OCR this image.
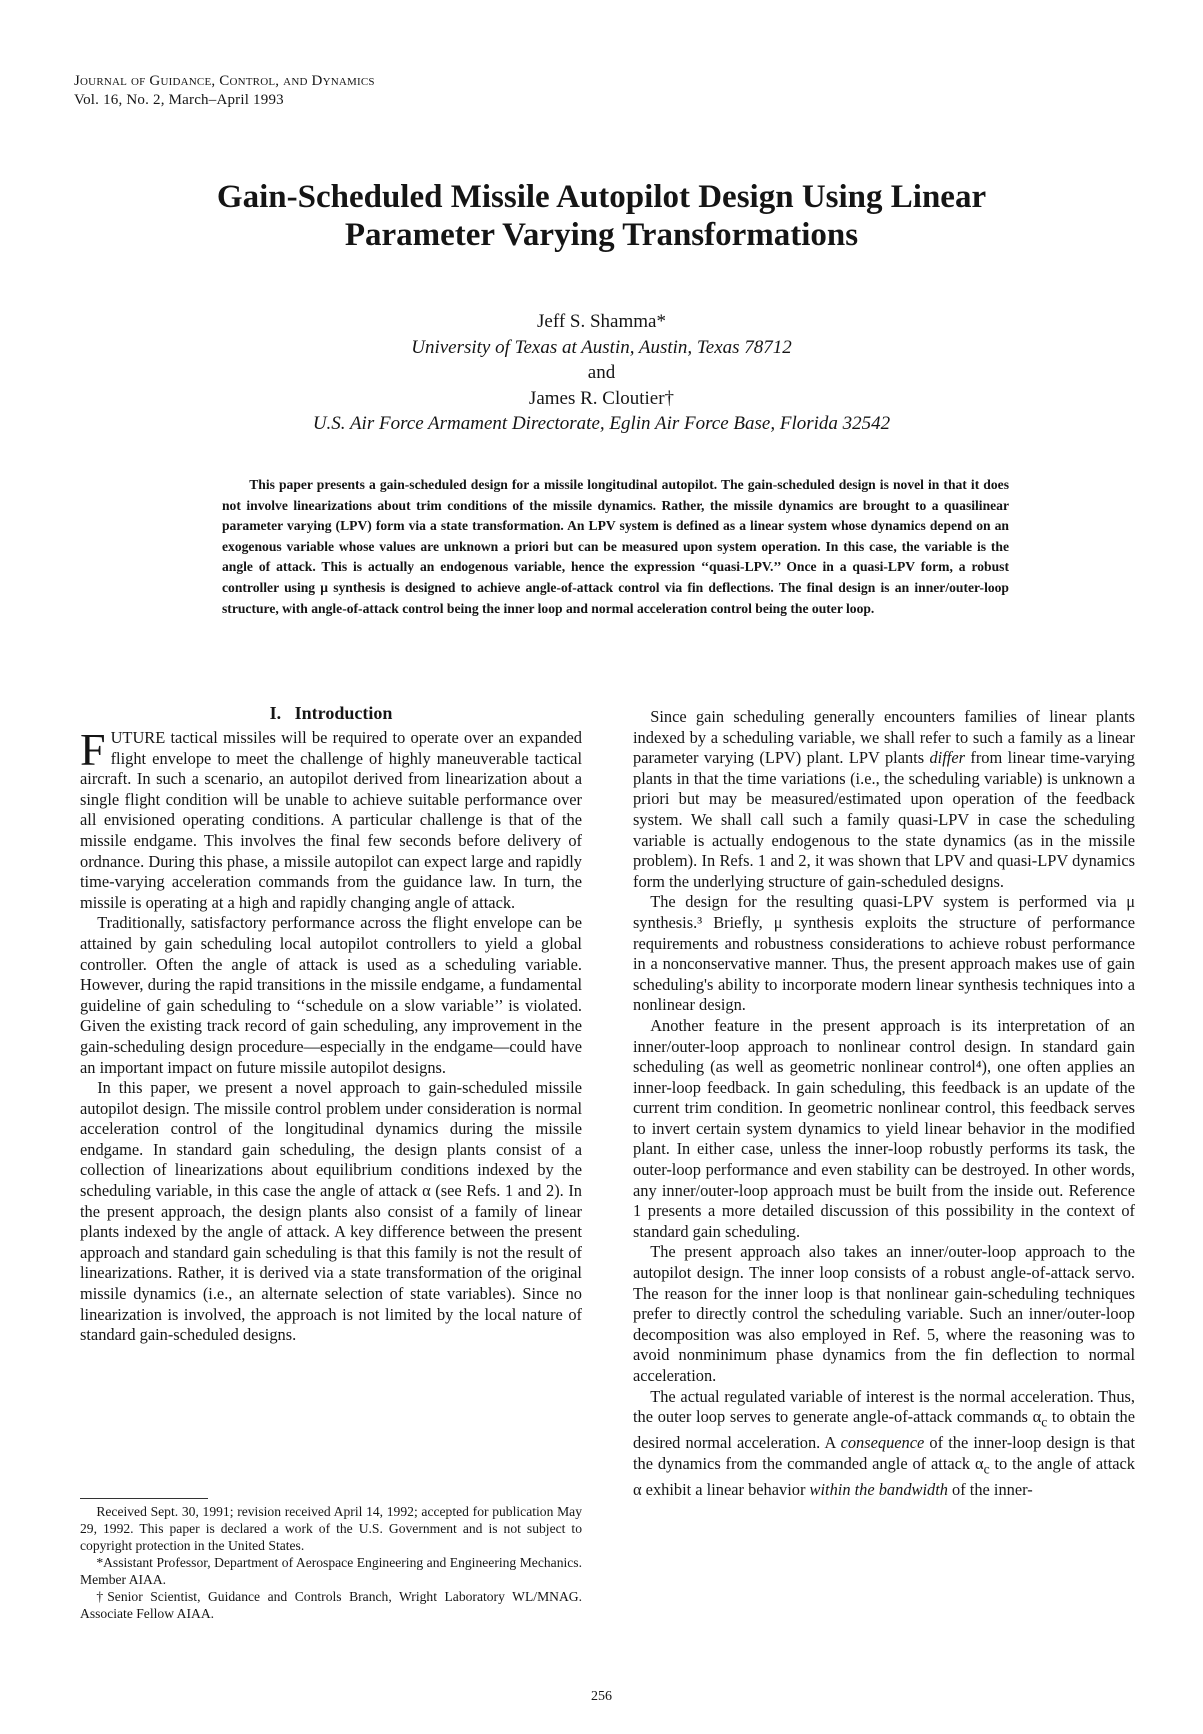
Journal of Guidance, Control, and Dynamics
Vol. 16, No. 2, March–April 1993
Gain-Scheduled Missile Autopilot Design Using Linear
Parameter Varying Transformations
Jeff S. Shamma*
University of Texas at Austin, Austin, Texas 78712
and
James R. Cloutier†
U.S. Air Force Armament Directorate, Eglin Air Force Base, Florida 32542
This paper presents a gain-scheduled design for a missile longitudinal autopilot. The gain-scheduled design is novel in that it does not involve linearizations about trim conditions of the missile dynamics. Rather, the missile dynamics are brought to a quasilinear parameter varying (LPV) form via a state transformation. An LPV system is defined as a linear system whose dynamics depend on an exogenous variable whose values are unknown a priori but can be measured upon system operation. In this case, the variable is the angle of attack. This is actually an endogenous variable, hence the expression ‘‘quasi-LPV.’’ Once in a quasi-LPV form, a robust controller using μ synthesis is designed to achieve angle-of-attack control via fin deflections. The final design is an inner/outer-loop structure, with angle-of-attack control being the inner loop and normal acceleration control being the outer loop.
I.   Introduction

FUTURE tactical missiles will be required to operate over an expanded flight envelope to meet the challenge of highly maneuverable tactical aircraft. In such a scenario, an autopilot derived from linearization about a single flight condition will be unable to achieve suitable performance over all envisioned operating conditions. A particular challenge is that of the missile endgame. This involves the final few seconds before delivery of ordnance. During this phase, a missile autopilot can expect large and rapidly time-varying acceleration commands from the guidance law. In turn, the missile is operating at a high and rapidly changing angle of attack.

Traditionally, satisfactory performance across the flight envelope can be attained by gain scheduling local autopilot controllers to yield a global controller. Often the angle of attack is used as a scheduling variable. However, during the rapid transitions in the missile endgame, a fundamental guideline of gain scheduling to ‘‘schedule on a slow variable’’ is violated. Given the existing track record of gain scheduling, any improvement in the gain-scheduling design procedure—especially in the endgame—could have an important impact on future missile autopilot designs.

In this paper, we present a novel approach to gain-scheduled missile autopilot design. The missile control problem under consideration is normal acceleration control of the longitudinal dynamics during the missile endgame. In standard gain scheduling, the design plants consist of a collection of linearizations about equilibrium conditions indexed by the scheduling variable, in this case the angle of attack α (see Refs. 1 and 2). In the present approach, the design plants also consist of a family of linear plants indexed by the angle of attack. A key difference between the present approach and standard gain scheduling is that this family is not the result of linearizations. Rather, it is derived via a state transformation of the original missile dynamics (i.e., an alternate selection of state variables). Since no linearization is involved, the approach is not limited by the local nature of standard gain-scheduled designs.

Received Sept. 30, 1991; revision received April 14, 1992; accepted for publication May 29, 1992. This paper is declared a work of the U.S. Government and is not subject to copyright protection in the United States.

*Assistant Professor, Department of Aerospace Engineering and Engineering Mechanics. Member AIAA.

†Senior Scientist, Guidance and Controls Branch, Wright Laboratory WL/MNAG. Associate Fellow AIAA.

Since gain scheduling generally encounters families of linear plants indexed by a scheduling variable, we shall refer to such a family as a linear parameter varying (LPV) plant. LPV plants differ from linear time-varying plants in that the time variations (i.e., the scheduling variable) is unknown a priori but may be measured/estimated upon operation of the feedback system. We shall call such a family quasi-LPV in case the scheduling variable is actually endogenous to the state dynamics (as in the missile problem). In Refs. 1 and 2, it was shown that LPV and quasi-LPV dynamics form the underlying structure of gain-scheduled designs.

The design for the resulting quasi-LPV system is performed via μ synthesis.³ Briefly, μ synthesis exploits the structure of performance requirements and robustness considerations to achieve robust performance in a nonconservative manner. Thus, the present approach makes use of gain scheduling's ability to incorporate modern linear synthesis techniques into a nonlinear design.

Another feature in the present approach is its interpretation of an inner/outer-loop approach to nonlinear control design. In standard gain scheduling (as well as geometric nonlinear control⁴), one often applies an inner-loop feedback. In gain scheduling, this feedback is an update of the current trim condition. In geometric nonlinear control, this feedback serves to invert certain system dynamics to yield linear behavior in the modified plant. In either case, unless the inner-loop robustly performs its task, the outer-loop performance and even stability can be destroyed. In other words, any inner/outer-loop approach must be built from the inside out. Reference 1 presents a more detailed discussion of this possibility in the context of standard gain scheduling.

The present approach also takes an inner/outer-loop approach to the autopilot design. The inner loop consists of a robust angle-of-attack servo. The reason for the inner loop is that nonlinear gain-scheduling techniques prefer to directly control the scheduling variable. Such an inner/outer-loop decomposition was also employed in Ref. 5, where the reasoning was to avoid nonminimum phase dynamics from the fin deflection to normal acceleration.

The actual regulated variable of interest is the normal acceleration. Thus, the outer loop serves to generate angle-of-attack commands $\alpha_c$ to obtain the desired normal acceleration. A consequence of the inner-loop design is that the dynamics from the commanded angle of attack $\alpha_c$ to the angle of attack α exhibit a linear behavior within the bandwidth of the inner-

256
